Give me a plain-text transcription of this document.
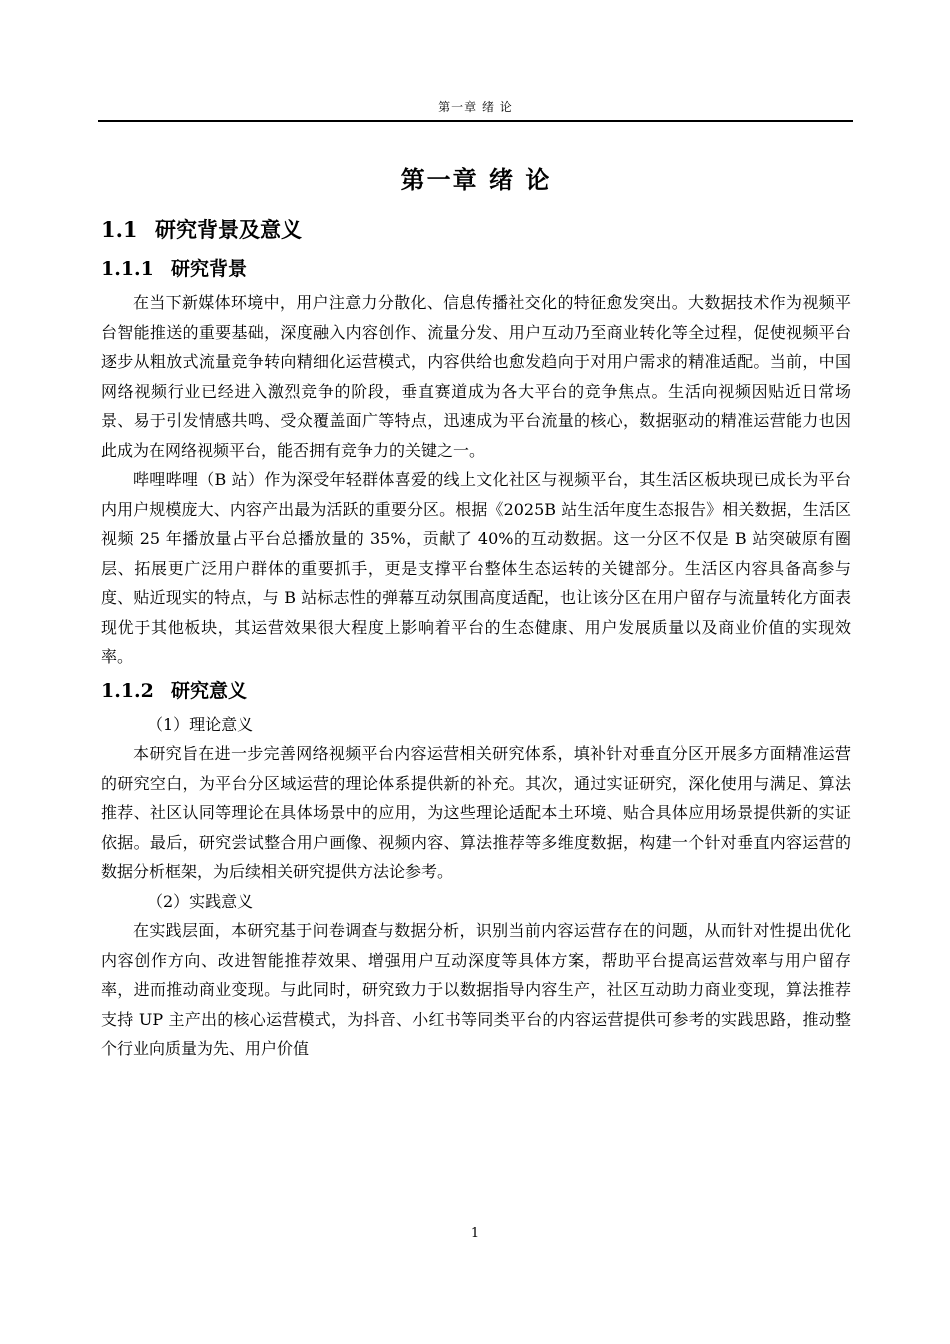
第一章 绪 论
第一章 绪 论
1.1 研究背景及意义
1.1.1 研究背景

在当下新媒体环境中，用户注意力分散化、信息传播社交化的特征愈发突出。大数据技术作为视频平台智能推送的重要基础，深度融入内容创作、流量分发、用户互动乃至商业转化等全过程，促使视频平台逐步从粗放式流量竞争转向精细化运营模式，内容供给也愈发趋向于对用户需求的精准适配。当前，中国网络视频行业已经进入激烈竞争的阶段，垂直赛道成为各大平台的竞争焦点。生活向视频因贴近日常场景、易于引发情感共鸣、受众覆盖面广等特点，迅速成为平台流量的核心，数据驱动的精准运营能力也因此成为在网络视频平台，能否拥有竞争力的关键之一。

哔哩哔哩（B 站）作为深受年轻群体喜爱的线上文化社区与视频平台，其生活区板块现已成长为平台内用户规模庞大、内容产出最为活跃的重要分区。根据《2025B 站生活年度生态报告》相关数据，生活区视频 25 年播放量占平台总播放量的 35%，贡献了 40%的互动数据。这一分区不仅是 B 站突破原有圈层、拓展更广泛用户群体的重要抓手，更是支撑平台整体生态运转的关键部分。生活区内容具备高参与度、贴近现实的特点，与 B 站标志性的弹幕互动氛围高度适配，也让该分区在用户留存与流量转化方面表现优于其他板块，其运营效果很大程度上影响着平台的生态健康、用户发展质量以及商业价值的实现效率。

1.1.2 研究意义
（1）理论意义

本研究旨在进一步完善网络视频平台内容运营相关研究体系，填补针对垂直分区开展多方面精准运营的研究空白，为平台分区域运营的理论体系提供新的补充。其次，通过实证研究，深化使用与满足、算法推荐、社区认同等理论在具体场景中的应用，为这些理论适配本土环境、贴合具体应用场景提供新的实证依据。最后，研究尝试整合用户画像、视频内容、算法推荐等多维度数据，构建一个针对垂直内容运营的数据分析框架，为后续相关研究提供方法论参考。

（2）实践意义

在实践层面，本研究基于问卷调查与数据分析，识别当前内容运营存在的问题，从而针对性提出优化内容创作方向、改进智能推荐效果、增强用户互动深度等具体方案，帮助平台提高运营效率与用户留存率，进而推动商业变现。与此同时，研究致力于以数据指导内容生产，社区互动助力商业变现，算法推荐支持 UP 主产出的核心运营模式，为抖音、小红书等同类平台的内容运营提供可参考的实践思路，推动整个行业向质量为先、用户价值

1
